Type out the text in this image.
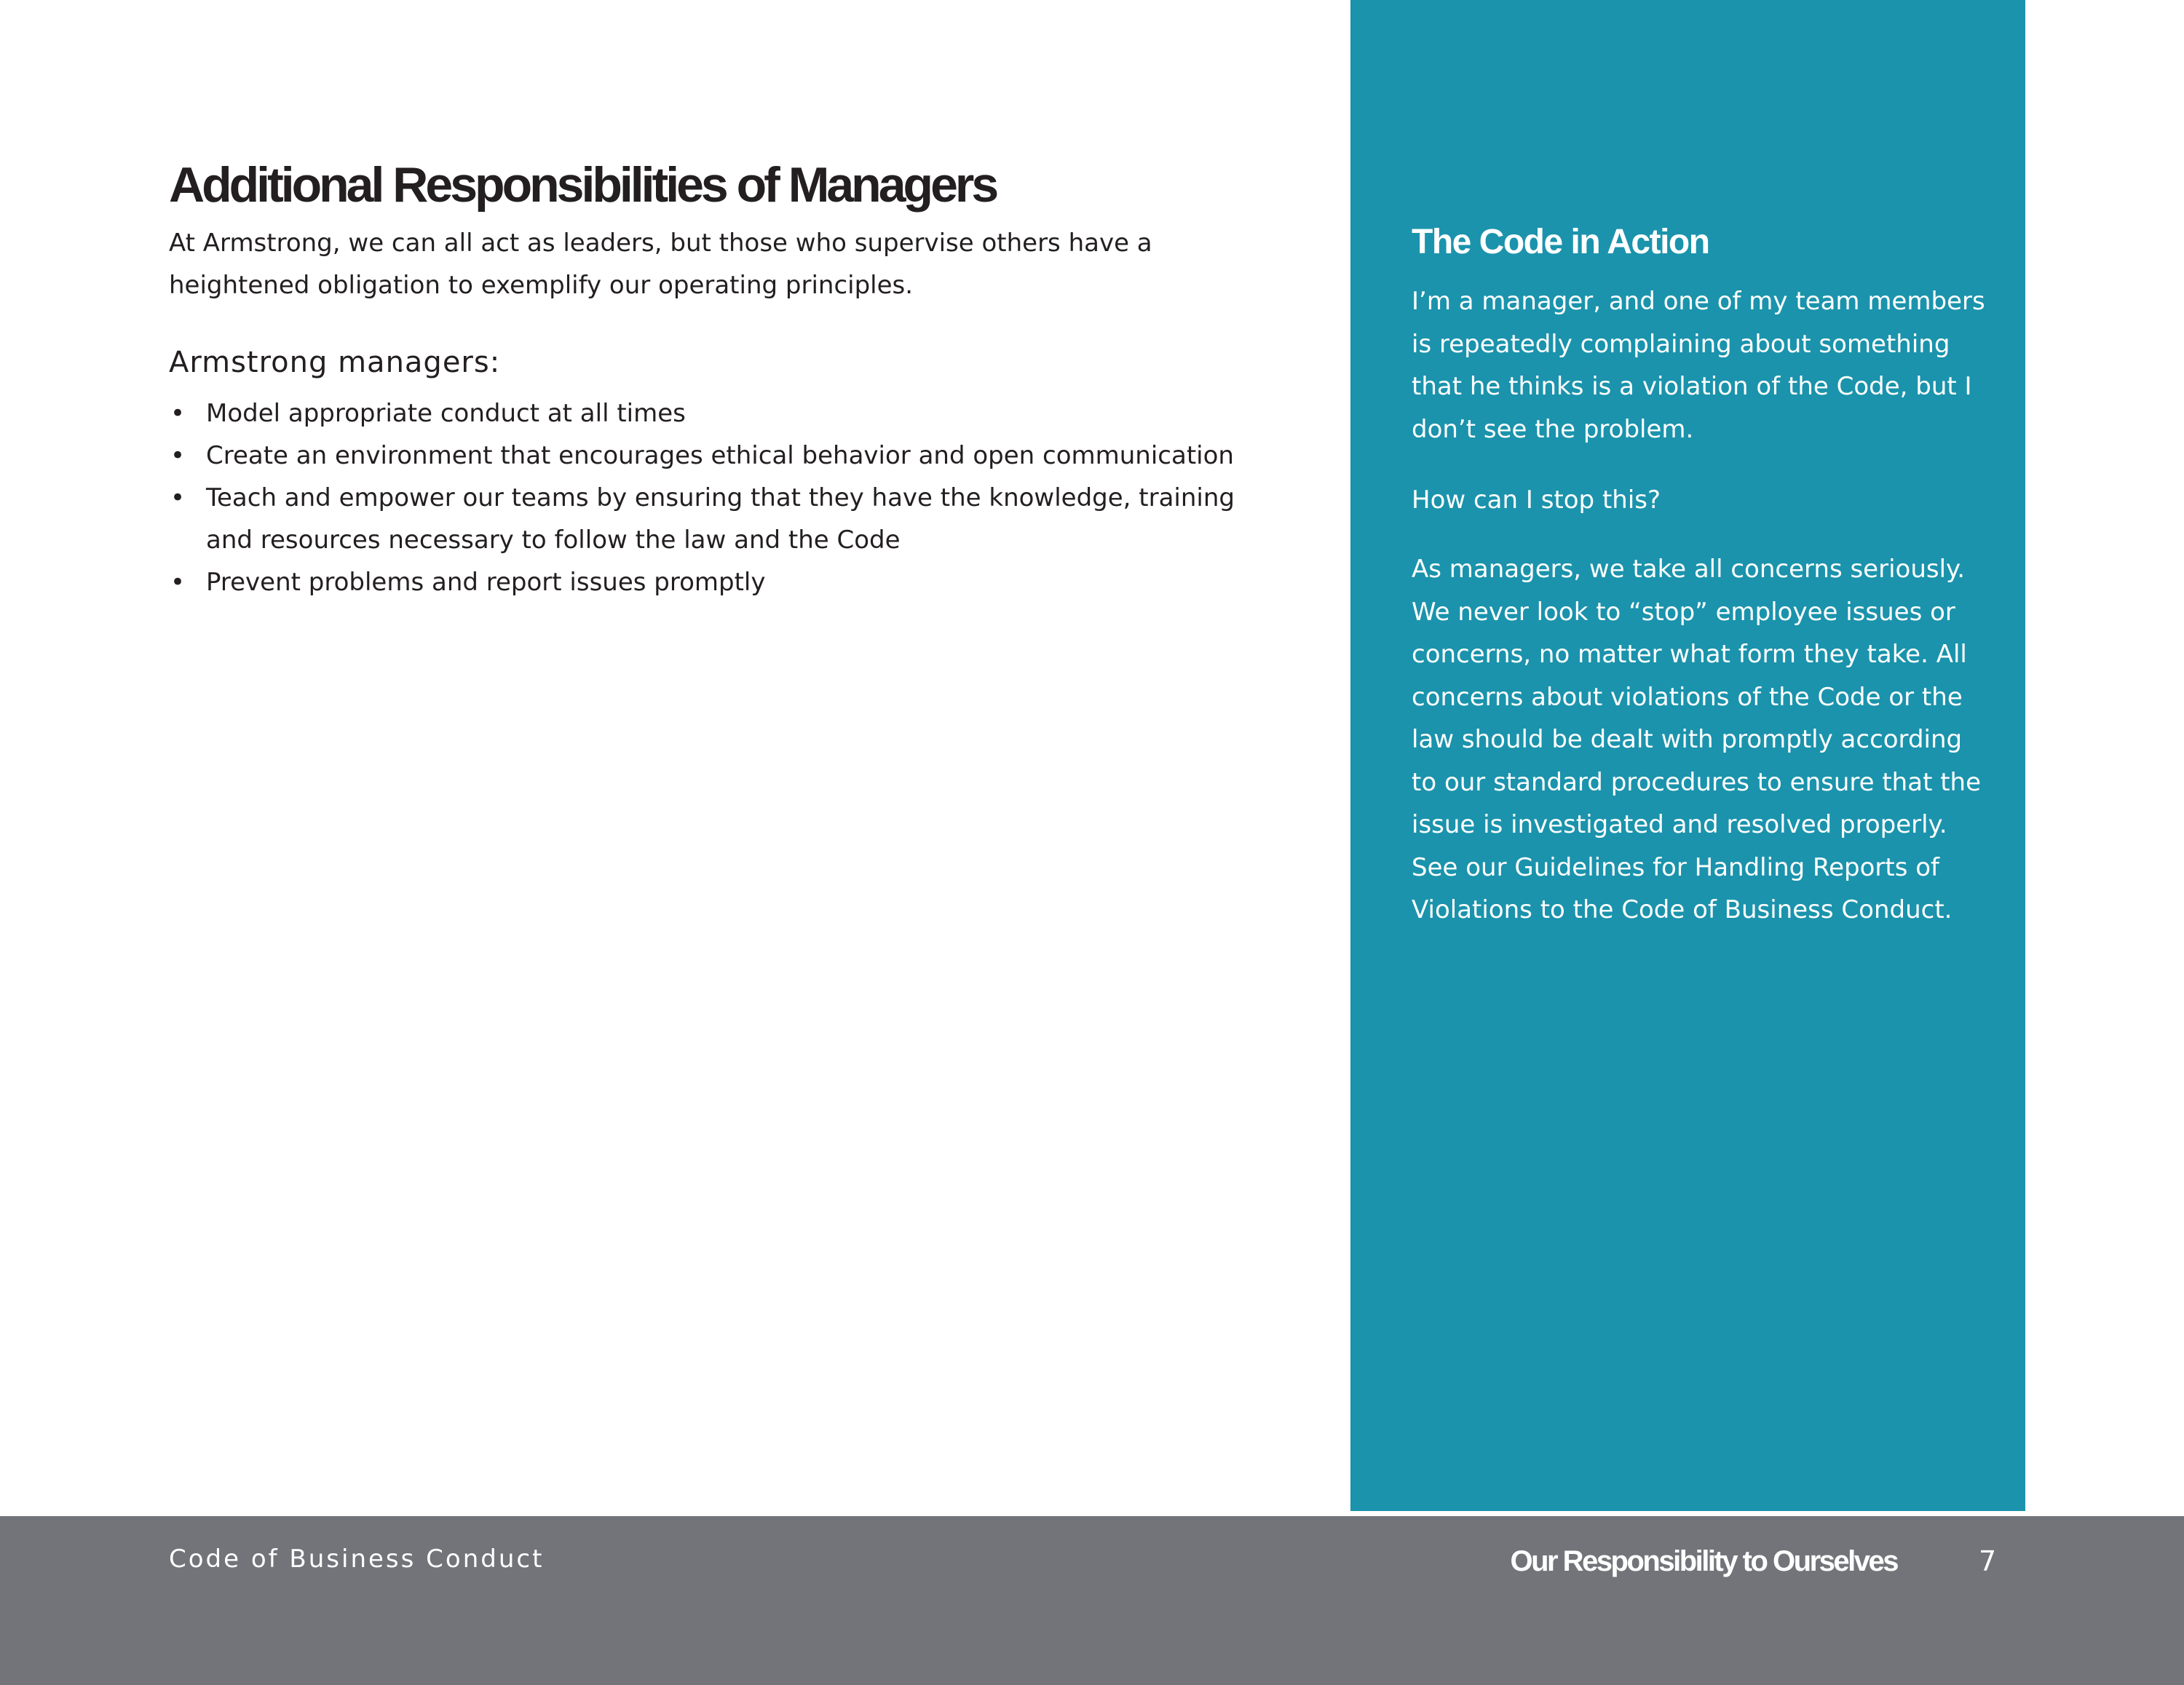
Additional Responsibilities of Managers

At Armstrong, we can all act as leaders, but those who supervise others have a heightened obligation to exemplify our operating principles.

Armstrong managers:
• Model appropriate conduct at all times
• Create an environment that encourages ethical behavior and open communication
• Teach and empower our teams by ensuring that they have the knowledge, training and resources necessary to follow the law and the Code
• Prevent problems and report issues promptly
The Code in Action

I’m a manager, and one of my team members is repeatedly complaining about something that he thinks is a violation of the Code, but I don’t see the problem.

How can I stop this?

As managers, we take all concerns seriously. We never look to “stop” employee issues or concerns, no matter what form they take. All concerns about violations of the Code or the law should be dealt with promptly according to our standard procedures to ensure that the issue is investigated and resolved properly. See our Guidelines for Handling Reports of Violations to the Code of Business Conduct.

Code of Business Conduct	Our Responsibility to Ourselves	7
